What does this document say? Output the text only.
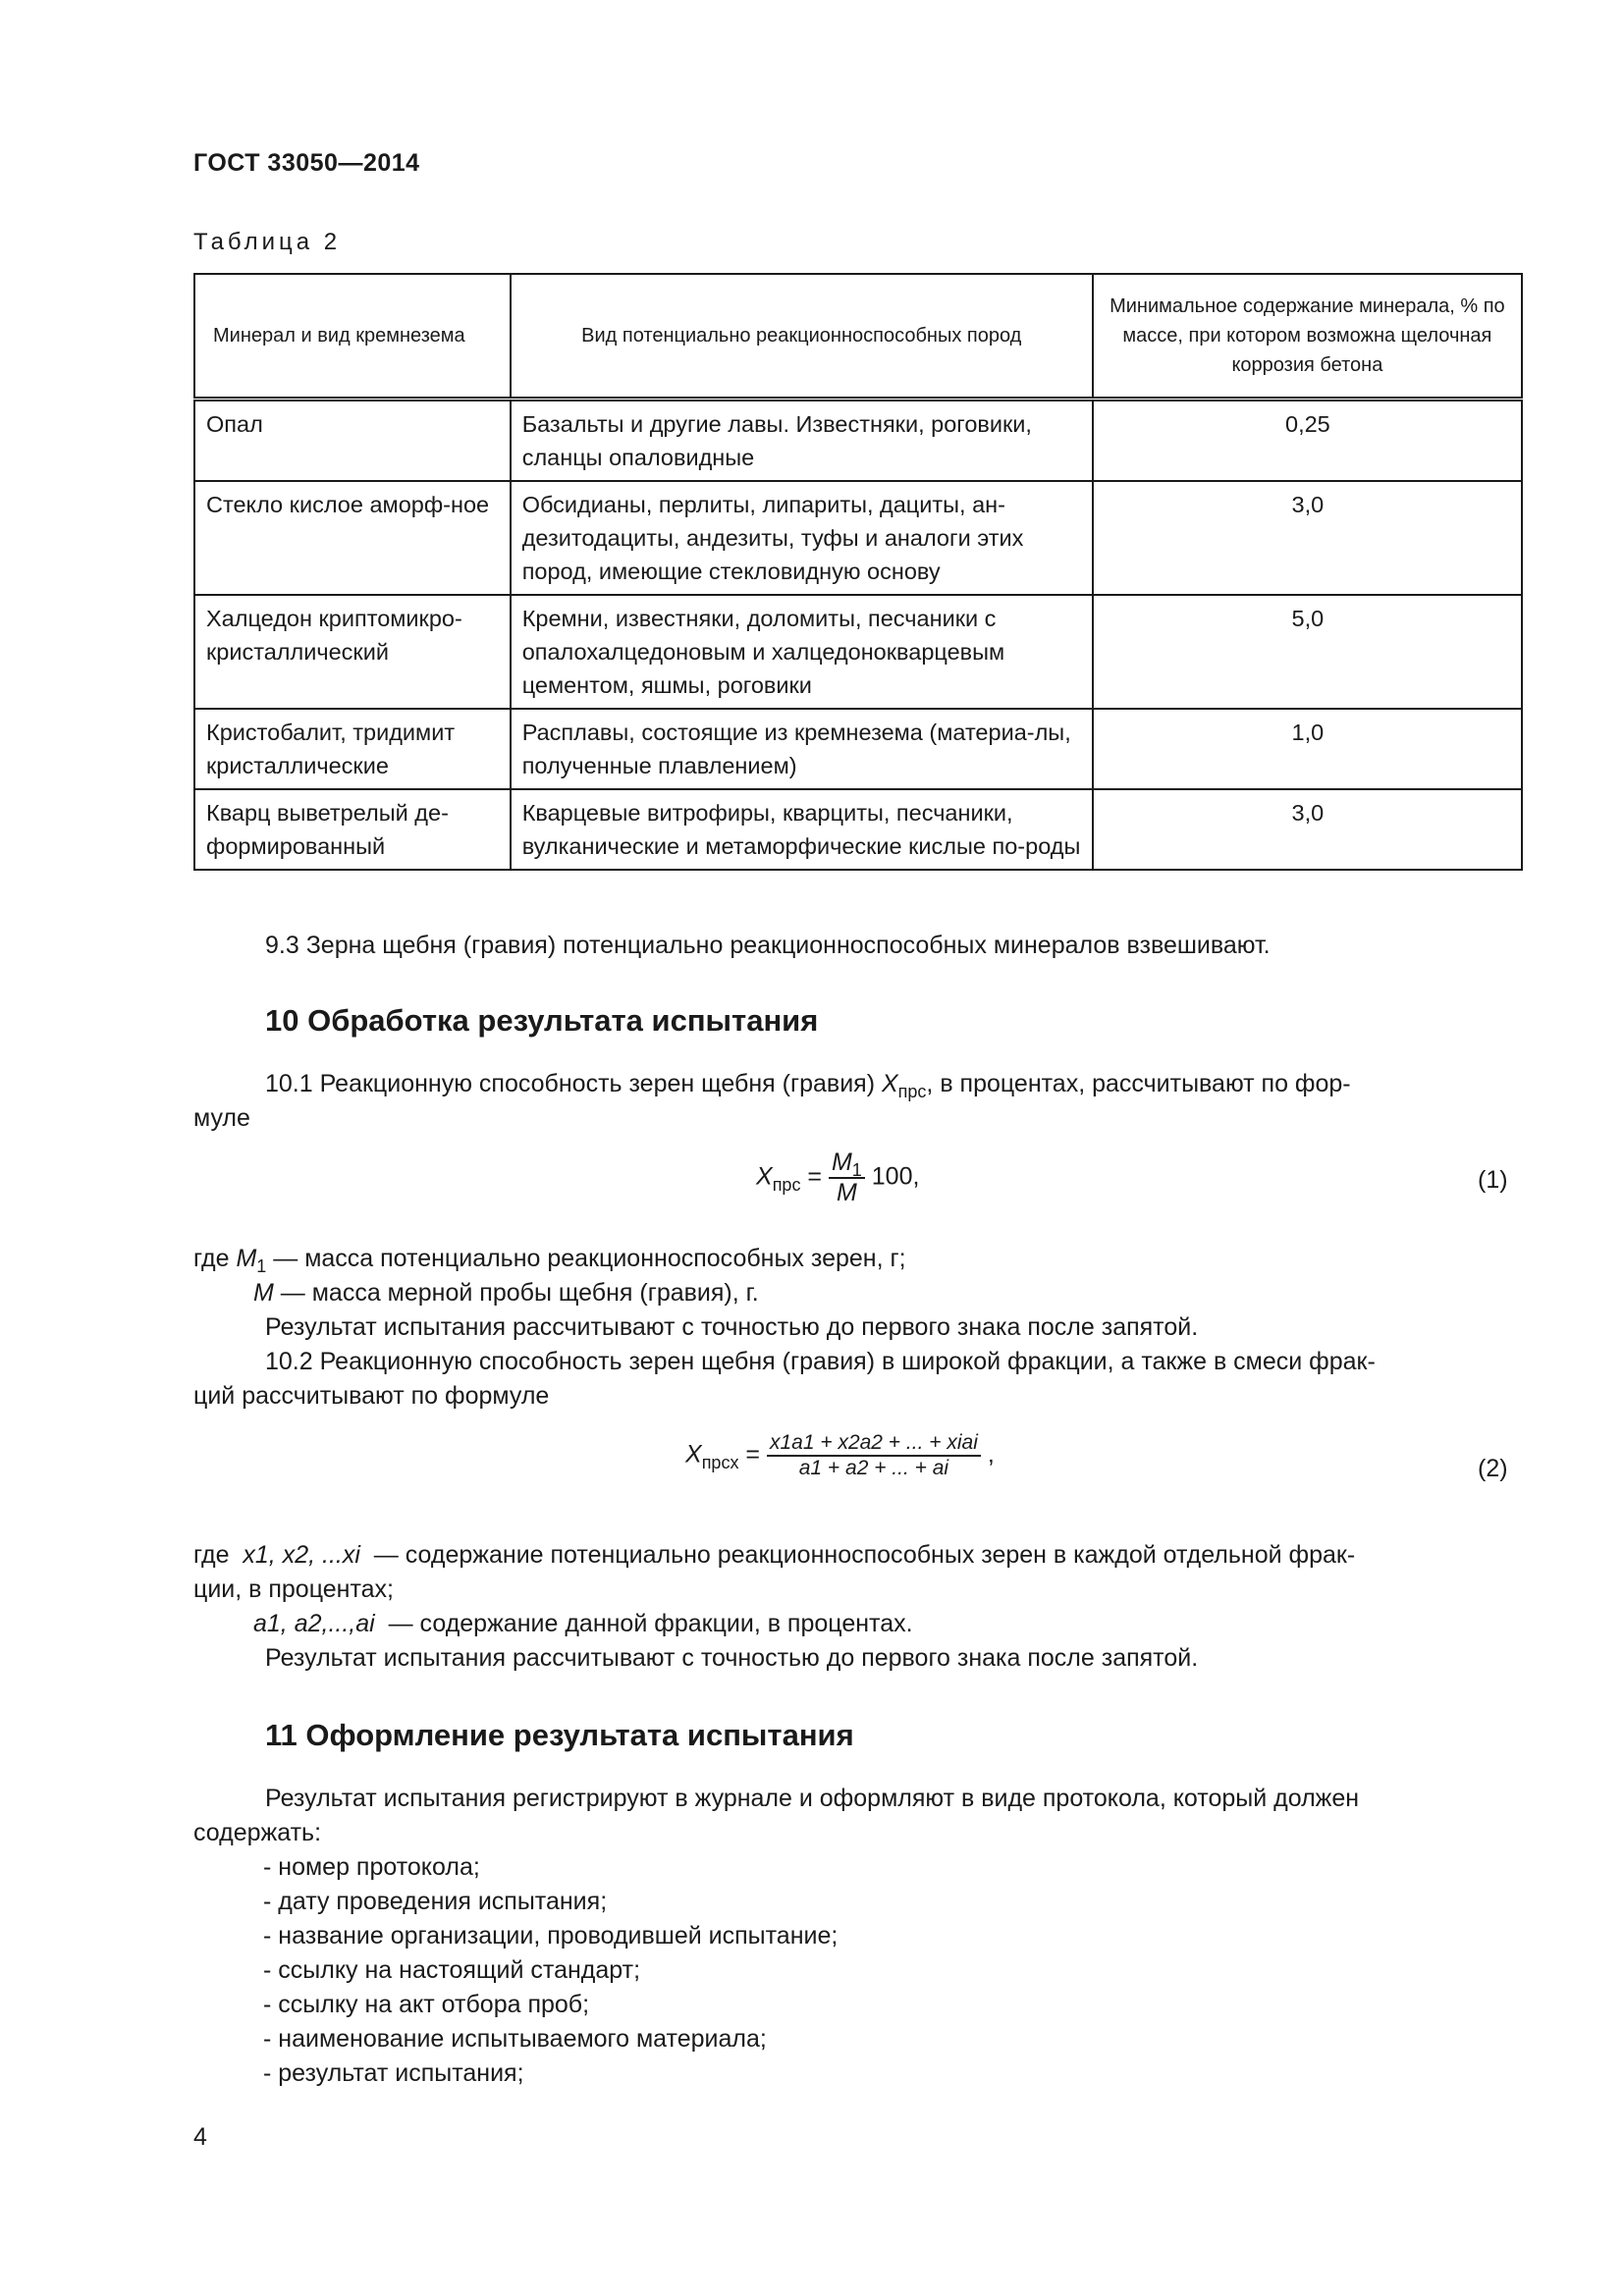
ГОСТ 33050—2014
Таблица 2
Минерал и вид кремнезема	Вид потенциально реакционноспособных пород	Минимальное содержание минерала, % по массе, при котором возможна щелочная коррозия бетона
Опал	Базальты и другие лавы. Известняки, роговики, сланцы опаловидные	0,25
Стекло кислое аморф-ное	Обсидианы, перлиты, липариты, дациты, ан-дезитодациты, андезиты, туфы и аналоги этих пород, имеющие стекловидную основу	3,0
Халцедон криптомикро-кристаллический	Кремни, известняки, доломиты, песчаники с опалохалцедоновым и халцедонокварцевым цементом, яшмы, роговики	5,0
Кристобалит, тридимит кристаллические	Расплавы, состоящие из кремнезема (материа-лы, полученные плавлением)	1,0
Кварц выветрелый де-формированный	Кварцевые витрофиры, кварциты, песчаники, вулканические и метаморфические кислые по-роды	3,0
9.3 Зерна щебня (гравия) потенциально реакционноспособных минералов взвешивают.
10 Обработка результата испытания
10.1 Реакционную способность зерен щебня (гравия) $X_{прс}$, в процентах, рассчитывают по фор-
муле
$X_{прс} = \frac{M_1}{M} 100$,	(1)
где $M_1$ — масса потенциально реакционноспособных зерен, г;
M — масса мерной пробы щебня (гравия), г.
Результат испытания рассчитывают с точностью до первого знака после запятой.
10.2 Реакционную способность зерен щебня (гравия) в широкой фракции, а также в смеси фрак-
ций рассчитывают по формуле
$X_{прсх} = \frac{\text{x1a1 + x2a2 + ... + xiai}}{a1 + a2 + ... + ai}$ ,
(2)
где x1, x2, ...xi — содержание потенциально реакционноспособных зерен в каждой отдельной фрак-
ции, в процентах;
a1, a2,...,ai — содержание данной фракции, в процентах.
Результат испытания рассчитывают с точностью до первого знака после запятой.
11 Оформление результата испытания
Результат испытания регистрируют в журнале и оформляют в виде протокола, который должен
содержать:
- номер протокола;
- дату проведения испытания;
- название организации, проводившей испытание;
- ссылку на настоящий стандарт;
- ссылку на акт отбора проб;
- наименование испытываемого материала;
- результат испытания;
4
